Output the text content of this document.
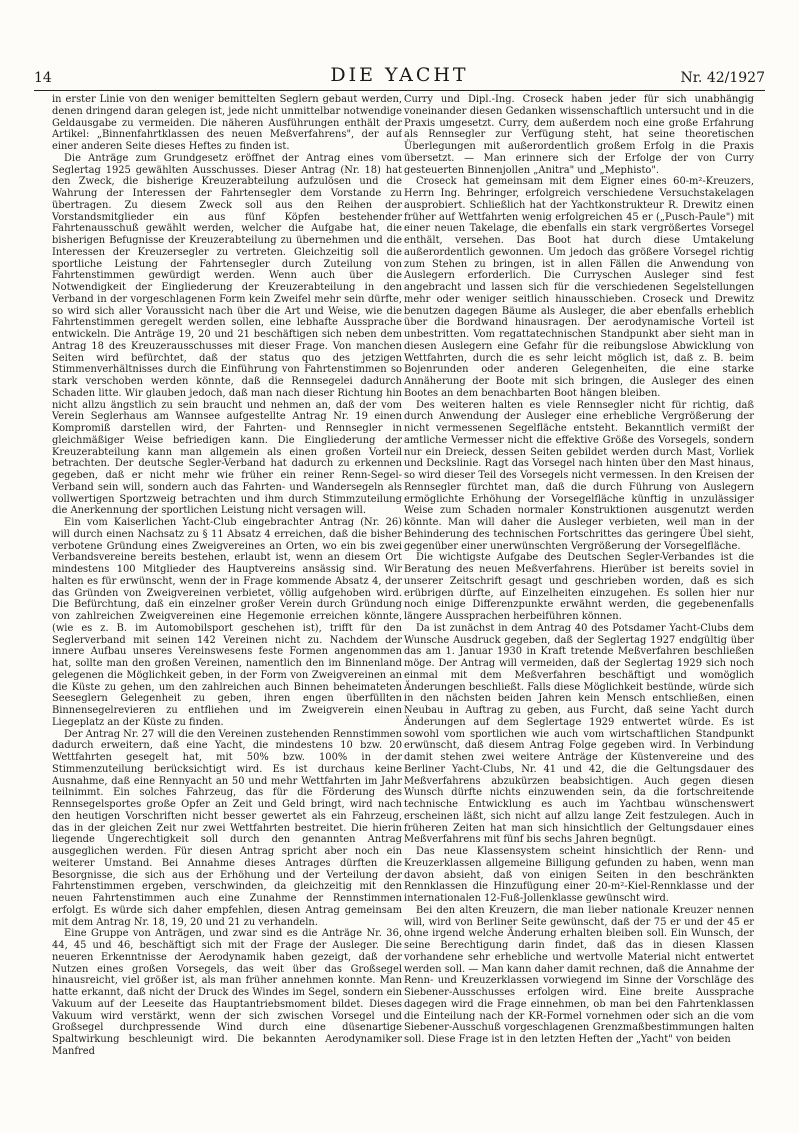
14	DIE YACHT	Nr. 42/1927

in erster Linie von den weniger bemittelten Seglern gebaut werden, denen dringend daran gelegen ist, jede nicht unmittelbar notwendige Geldausgabe zu vermeiden. Die näheren Ausführungen enthält der Artikel: „Binnenfahrtklassen des neuen Meßverfahrens", der auf einer anderen Seite dieses Heftes zu finden ist.

Die Anträge zum Grundgesetz eröffnet der Antrag eines vom Seglertag 1925 gewählten Ausschusses. Dieser Antrag (Nr. 18) hat den Zweck, die bisherige Kreuzerabteilung aufzulösen und die Wahrung der Interessen der Fahrtensegler dem Vorstande zu übertragen. Zu diesem Zweck soll aus den Reihen der Vorstandsmitglieder ein aus fünf Köpfen bestehender Fahrtenausschuß gewählt werden, welcher die Aufgabe hat, die bisherigen Befugnisse der Kreuzerabteilung zu übernehmen und die Interessen der Kreuzersegler zu vertreten. Gleichzeitig soll die sportliche Leistung der Fahrtensegler durch Zuteilung von Fahrtenstimmen gewürdigt werden. Wenn auch über die Notwendigkeit der Eingliederung der Kreuzerabteilung in den Verband in der vorgeschlagenen Form kein Zweifel mehr sein dürfte, so wird sich aller Voraussicht nach über die Art und Weise, wie die Fahrtenstimmen geregelt werden sollen, eine lebhafte Aussprache entwickeln. Die Anträge 19, 20 und 21 beschäftigen sich neben dem Antrag 18 des Kreuzerausschusses mit dieser Frage. Von manchen Seiten wird befürchtet, daß der status quo des jetzigen Stimmenverhältnisses durch die Einführung von Fahrtenstimmen so stark verschoben werden könnte, daß die Rennsegelei dadurch Schaden litte. Wir glauben jedoch, daß man nach dieser Richtung hin nicht allzu ängstlich zu sein braucht und nehmen an, daß der vom Verein Seglerhaus am Wannsee aufgestellte Antrag Nr. 19 einen Kompromiß darstellen wird, der Fahrten- und Rennsegler in gleichmäßiger Weise befriedigen kann. Die Eingliederung der Kreuzerabteilung kann man allgemein als einen großen Vorteil betrachten. Der deutsche Segler-Verband hat dadurch zu erkennen gegeben, daß er nicht mehr wie früher ein reiner Renn-Segel-Verband sein will, sondern auch das Fahrten- und Wandersegeln als vollwertigen Sportzweig betrachten und ihm durch Stimmzuteilung die Anerkennung der sportlichen Leistung nicht versagen will.

Ein vom Kaiserlichen Yacht-Club eingebrachter Antrag (Nr. 26) will durch einen Nachsatz zu § 11 Absatz 4 erreichen, daß die bisher verbotene Gründung eines Zweigvereines an Orten, wo ein bis zwei Verbandsvereine bereits bestehen, erlaubt ist, wenn an diesem Ort mindestens 100 Mitglieder des Hauptvereins ansässig sind. Wir halten es für erwünscht, wenn der in Frage kommende Absatz 4, der das Gründen von Zweigvereinen verbietet, völlig aufgehoben wird. Die Befürchtung, daß ein einzelner großer Verein durch Gründung von zahlreichen Zweigvereinen eine Hegemonie erreichen könnte, (wie es z. B. im Automobilsport geschehen ist), trifft für den Seglerverband mit seinen 142 Vereinen nicht zu. Nachdem der innere Aufbau unseres Vereinswesens feste Formen angenommen hat, sollte man den großen Vereinen, namentlich den im Binnenland gelegenen die Möglichkeit geben, in der Form von Zweigvereinen an die Küste zu gehen, um den zahlreichen auch Binnen beheimateten Seeseglern Gelegenheit zu geben, ihren engen überfüllten Binnensegelrevieren zu entfliehen und im Zweigverein einen Liegeplatz an der Küste zu finden.

Der Antrag Nr. 27 will die den Vereinen zustehenden Rennstimmen dadurch erweitern, daß eine Yacht, die mindestens 10 bzw. 20 Wettfahrten gesegelt hat, mit 50% bzw. 100% in der Stimmenzuteilung berücksichtigt wird. Es ist durchaus keine Ausnahme, daß eine Rennyacht an 50 und mehr Wettfahrten im Jahr teilnimmt. Ein solches Fahrzeug, das für die Förderung des Rennsegelsportes große Opfer an Zeit und Geld bringt, wird nach den heutigen Vorschriften nicht besser gewertet als ein Fahrzeug, das in der gleichen Zeit nur zwei Wettfahrten bestreitet. Die hierin liegende Ungerechtigkeit soll durch den genannten Antrag ausgeglichen werden. Für diesen Antrag spricht aber noch ein weiterer Umstand. Bei Annahme dieses Antrages dürften die Besorgnisse, die sich aus der Erhöhung und der Verteilung der Fahrtenstimmen ergeben, verschwinden, da gleichzeitig mit den neuen Fahrtenstimmen auch eine Zunahme der Rennstimmen erfolgt. Es würde sich daher empfehlen, diesen Antrag gemeinsam mit dem Antrag Nr. 18, 19, 20 und 21 zu verhandeln.

Eine Gruppe von Anträgen, und zwar sind es die Anträge Nr. 36, 44, 45 und 46, beschäftigt sich mit der Frage der Ausleger. Die neueren Erkenntnisse der Aerodynamik haben gezeigt, daß der Nutzen eines großen Vorsegels, das weit über das Großsegel hinausreicht, viel größer ist, als man früher annehmen konnte. Man hatte erkannt, daß nicht der Druck des Windes im Segel, sondern ein Vakuum auf der Leeseite das Hauptantriebsmoment bildet. Dieses Vakuum wird verstärkt, wenn der sich zwischen Vorsegel und Großsegel durchpressende Wind durch eine düsenartige Spaltwirkung beschleunigt wird. Die bekannten Aerodynamiker Manfred

Curry und Dipl.-Ing. Croseck haben jeder für sich unabhängig voneinander diesen Gedanken wissenschaftlich untersucht und in die Praxis umgesetzt. Curry, dem außerdem noch eine große Erfahrung als Rennsegler zur Verfügung steht, hat seine theoretischen Überlegungen mit außerordentlich großem Erfolg in die Praxis übersetzt. — Man erinnere sich der Erfolge der von Curry gesteuerten Binnenjollen „Anitra" und „Mephisto".

Croseck hat gemeinsam mit dem Eigner eines 60-m²-Kreuzers, Herrn Ing. Behringer, erfolgreich verschiedene Versuchstakelagen ausprobiert. Schließlich hat der Yachtkonstrukteur R. Drewitz einen früher auf Wettfahrten wenig erfolgreichen 45 er („Pusch-Paule") mit einer neuen Takelage, die ebenfalls ein stark vergrößertes Vorsegel enthält, versehen. Das Boot hat durch diese Umtakelung außerordentlich gewonnen. Um jedoch das größere Vorsegel richtig zum Stehen zu bringen, ist in allen Fällen die Anwendung von Auslegern erforderlich. Die Curryschen Ausleger sind fest angebracht und lassen sich für die verschiedenen Segelstellungen mehr oder weniger seitlich hinausschieben. Croseck und Drewitz benutzen dagegen Bäume als Ausleger, die aber ebenfalls erheblich über die Bordwand hinausragen. Der aerodynamische Vorteil ist unbestritten. Vom regattatechnischen Standpunkt aber sieht man in diesen Auslegern eine Gefahr für die reibungslose Abwicklung von Wettfahrten, durch die es sehr leicht möglich ist, daß z. B. beim Bojenrunden oder anderen Gelegenheiten, die eine starke Annäherung der Boote mit sich bringen, die Ausleger des einen Bootes an dem benachbarten Boot hängen bleiben.

Des weiteren halten es viele Rennsegler nicht für richtig, daß durch Anwendung der Ausleger eine erhebliche Vergrößerung der nicht vermessenen Segelfläche entsteht. Bekanntlich vermißt der amtliche Vermesser nicht die effektive Größe des Vorsegels, sondern nur ein Dreieck, dessen Seiten gebildet werden durch Mast, Vorliek und Deckslinie. Ragt das Vorsegel nach hinten über den Mast hinaus, so wird dieser Teil des Vorsegels nicht vermessen. In den Kreisen der Rennsegler fürchtet man, daß die durch Führung von Auslegern ermöglichte Erhöhung der Vorsegelfläche künftig in unzulässiger Weise zum Schaden normaler Konstruktionen ausgenutzt werden könnte. Man will daher die Ausleger verbieten, weil man in der Behinderung des technischen Fortschrittes das geringere Übel sieht, gegenüber einer unerwünschten Vergrößerung der Vorsegelfläche.

Die wichtigste Aufgabe des Deutschen Segler-Verbandes ist die Beratung des neuen Meßverfahrens. Hierüber ist bereits soviel in unserer Zeitschrift gesagt und geschrieben worden, daß es sich erübrigen dürfte, auf Einzelheiten einzugehen. Es sollen hier nur noch einige Differenzpunkte erwähnt werden, die gegebenenfalls längere Aussprachen herbeiführen können.

Da ist zunächst in dem Antrag 40 des Potsdamer Yacht-Clubs dem Wunsche Ausdruck gegeben, daß der Seglertag 1927 endgültig über das am 1. Januar 1930 in Kraft tretende Meßverfahren beschließen möge. Der Antrag will vermeiden, daß der Seglertag 1929 sich noch einmal mit dem Meßverfahren beschäftigt und womöglich Änderungen beschließt. Falls diese Möglichkeit bestünde, würde sich in den nächsten beiden Jahren kein Mensch entschließen, einen Neubau in Auftrag zu geben, aus Furcht, daß seine Yacht durch Änderungen auf dem Seglertage 1929 entwertet würde. Es ist sowohl vom sportlichen wie auch vom wirtschaftlichen Standpunkt erwünscht, daß diesem Antrag Folge gegeben wird. In Verbindung damit stehen zwei weitere Anträge der Küstenvereine und des Berliner Yacht-Clubs, Nr. 41 und 42, die die Geltungsdauer des Meßverfahrens abzukürzen beabsichtigen. Auch gegen diesen Wunsch dürfte nichts einzuwenden sein, da die fortschreitende technische Entwicklung es auch im Yachtbau wünschenswert erscheinen läßt, sich nicht auf allzu lange Zeit festzulegen. Auch in früheren Zeiten hat man sich hinsichtlich der Geltungsdauer eines Meßverfahrens mit fünf bis sechs Jahren begnügt.

Das neue Klassensystem scheint hinsichtlich der Renn- und Kreuzerklassen allgemeine Billigung gefunden zu haben, wenn man davon absieht, daß von einigen Seiten in den beschränkten Rennklassen die Hinzufügung einer 20-m²-Kiel-Rennklasse und der internationalen 12-Fuß-Jollenklasse gewünscht wird.

Bei den alten Kreuzern, die man lieber nationale Kreuzer nennen will, wird von Berliner Seite gewünscht, daß der 75 er und der 45 er ohne irgend welche Änderung erhalten bleiben soll. Ein Wunsch, der seine Berechtigung darin findet, daß das in diesen Klassen vorhandene sehr erhebliche und wertvolle Material nicht entwertet werden soll. — Man kann daher damit rechnen, daß die Annahme der Renn- und Kreuzerklassen vorwiegend im Sinne der Vorschläge des Siebener-Ausschusses erfolgen wird. Eine breite Aussprache dagegen wird die Frage einnehmen, ob man bei den Fahrtenklassen die Einteilung nach der KR-Formel vornehmen oder sich an die vom Siebener-Ausschuß vorgeschlagenen Grenzmaßbestimmungen halten soll. Diese Frage ist in den letzten Heften der „Yacht" von beiden
